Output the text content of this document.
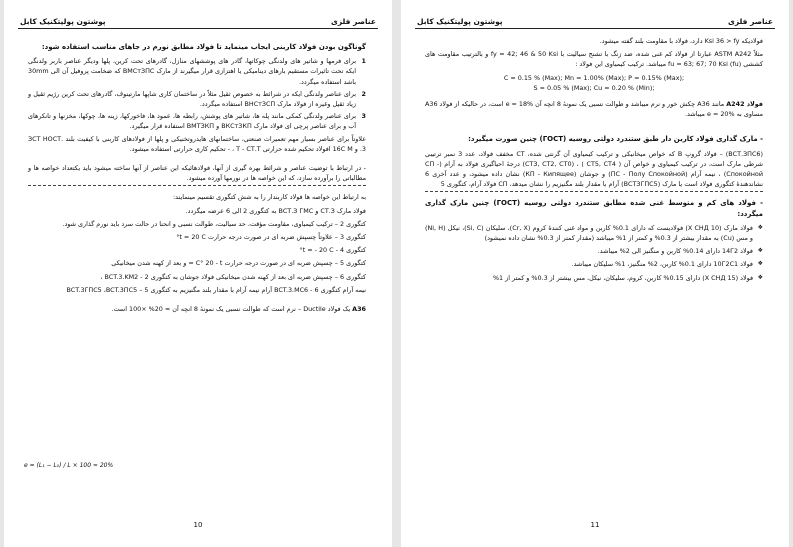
پوشتون پولیتکنیک کابل	عناصر فلزی
گوناگون بودن فولاد کاربنی ایجاب مینماید تا فولاد مطابق نورم در جاهای مناسب استفاده شود:
1
برای فرمها و شاتیر های ولدنگی چوکاتها، گادر های پوششهای منازل، گادرهای تحت کرین، پلها ودیگر عناصر باربر ولدنگی ایکه تحت تاثیرات مستقیم بارهای دینامیکی یا اهتزازی قرار میگیرند از مارک ВМСтЗПС که ضخامت پروفیل آن الی 30mm باشد استفاده میگردد.
2
برای عناصر ولدنگی ایکه در شرائط به خصوص ثقیل مثلاً در ساختمان کاری شاپها مارتینوف، گادرهای تحت کرین رژیم ثقیل و زیاد ثقیل وغیره از فولاد مارک ВНСтЗСП استفاده میگردد.
3
برای عناصر ولدنگی کمکی مانند پله ها، شاتیر های پوشش، رابطه ها، عمود ها، فاخورکها، زینه ها، چوکها، مخزنها و تانکرهای آب و برای عناصر پرچی ای فولاد مارک ВКСтЗКП و ВМТЗКП استفاده قرار میگیرد.

علاوتاً برای عناصر بسیار مهم تعمیرات صنعتی، ساختمانهای هایدروتخنیکی و پلها از فولادهای کاربنی با کیفیت بلند .ЗСТ HOCT .3 و 16С M افولاد تحکیم شده حرارتی T - СТ.Т ، - تحکیم کاری حرارتی استفاده میشود.

- در ارتباط با توضیت عناصر و شرائط بهره گیری از آنها، فولادهائیکه این عناصر از آنها ساخته میشود باید یکتعداد خواصه ها و مطالباتی را برآورده سازد، که این خواصه ها در نورمها آورده میشود.

به ارتباط این خواصه ها فولاد کاربندار را به شش کتگوری تقسیم مینمایند:

فولاد مارک СТ.З و ВСТ.З ГМС به کتگوری 2 الی 6 عرضه میگردد.

کتگوری 2 – ترکیب کیمیاوی، مقاومت مؤقت، حد سیالیت، طوالت نسبی و انحنا در حالت سرد باید نورم گذاری شود.

کتگوری 3 – علاوتاً چسپش ضربه ای در صورت درجه حرارت t = 20 C°

کتگوری 4 - t = - 20 C°

کتگوری 5 – چسپش ضربه ای در صورت درجه حرارت C° 20 - t = و بعد از کهنه شدن میخانیکی

کتگوری 6 – چسپش ضربه ای بعد از کهنه شدن میخانیکی فولاد جوشان به کتگوری 2 - BCT.3.KM2 ،

نیمه آرام کتگوری 6 - BCT.3.MC6 آرام نیمه آرام با مقدار بلند مگنیزیم به کتگوری 5 – BCT.3ГПС5 ،BCT.3ПС5

А36 یک فولاد Ductile – نرم است که طوالت نسبی یک نمونۀ 8 انچه آن ≈ 20% ×100 است.

e = (L₁ − L₀) / L × 100 ≈ 20%
10
پوشتون پولیتکنیک کابل	عناصر فلزی

فولادیکه Ksi 36 > fy دارد، فولاد با مقاومت بلند گفته میشود.

مثلاً ASTM A242 عبارتا از فولاد کم غنی شده، ضد زنگ با تشنج سیالیت با fy = 42; 46 & 50 Ksi و بالترتیب مقاومت های کششی (fu) fu = 63; 67; 70 Ksi میباشد. ترکیب کیمیاوی این فولاد :

C = 0.15 % (Max); Mn = 1.00% (Max); P = 0.15% (Max);
S = 0.05 % (Max); Cu = 0.20 % (Min);

فولاد A242 مانند A36 چکش خور و نرم میباشد و طوالت نسبی یک نمونۀ 8 انچه آن e = 18% است، در حالیکه از فولاد A36 مساوی به e = 20% میباشد.

- مارک گذاری فولاد کاربن دار طبق ستندرد دولتی روسیه (ГОСТ) چنین صورت میگیرد:

(ВСТ.ЗПС6) – فولاد گروپ В که خواص میخانیکی و ترکیب کیمیاوی آن گرنتی شده، СТ مخفف فولاد، عدد 3 نمبر ترتیبی شرطی مارک است، در ترکیب کیمیاوی و خواص آن ( СТ5, СТ4 ) ، (СТЗ, СТ2, СТ0) درجۀ احیاگیری فولاد به آرام (СП - Спокойной) ، نیمه آرام (ПС - Полу Спокойной) و جوشان (КП - Кипящее) نشان داده میشود، و عدد آخری 6 نشاندهندۀ کتگوری فولاد است یا مارک (ВСТЗГПС5) آرام با مقدار بلند مگنیزیم را نشان میدهد، СП فولاد آرام، کتگوری 5

- فولاد های کم و متوسط غنی شده مطابق ستندرد دولتی روسیه (ГОСТ) چنین مارک گذاری میگردد:
❖
فولاد مارک (10 Х СНД) فولادیست که دارای 0.1% کاربن و مواد غنی کنندۀ کروم (Cr, X)، سلیکان (Si, C)، نیکل (Ni, H) و مس (Cu) به مقدار بیشتر از 0.3% و کمتر از 1% میباشد (مقدار کمتر از 0.3% نشان داده نمیشود)
❖
فولاد 14Г2 دارای 0.14% کاربن و منگنیز الی 2% میباشد.
❖
فولاد 10Г2С1 دارای 0.1% کاربن، 2% منگنیز، 1% سلیکان میباشد.
❖
فولاد (15 Х СНД) دارای 0.15% کاربن، کروم، سلیکان، نیکل، مس بیشتر از 0.3% و کمتر از 1%
11
